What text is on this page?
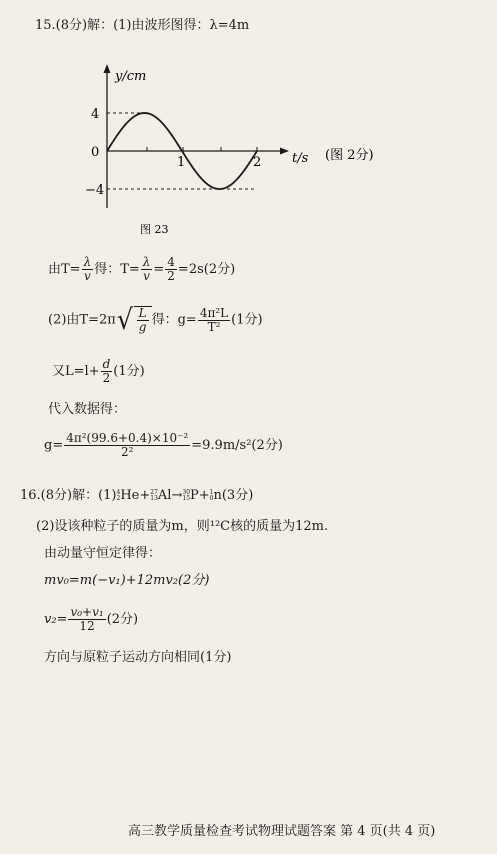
15.(8分)解：(1)由波形图得：λ=4m
y/cm
t/s
4
0
−4
1	2	(图 2分)
图 23
由$T= \frac{\lambda}{v}$ 得：$T= \frac{\lambda}{v} = \frac{4}{2} =2s(2$分)
(2)由$T=2\pi√ \frac{L}{g}$ 得：$g= \frac{\text{4π²L}}{\text{T²}} (1$分)
又$L=l+ \frac{d}{2} (1$分)
代入数据得：
$g= \frac{\text{4π²(99.6+0.4)×10⁻²}}{\text{2²}} =9.9m/s^2(2$分)
16.(8分)解：(1) 4
2 He+ 27
13 Al→ 30
15 P+ 1
0 n(3分)
(2)设该种粒子的质量为m，则¹²C核的质量为12m.
由动量守恒定律得：
mv₀=m(−v₁)+12mv₂(2分)
$v_2= \frac{\text{v₀+v₁}}{12} (2$分)
方向与原粒子运动方向相同(1分)
高三教学质量检查考试物理试题答案 第 4 页(共 4 页)
